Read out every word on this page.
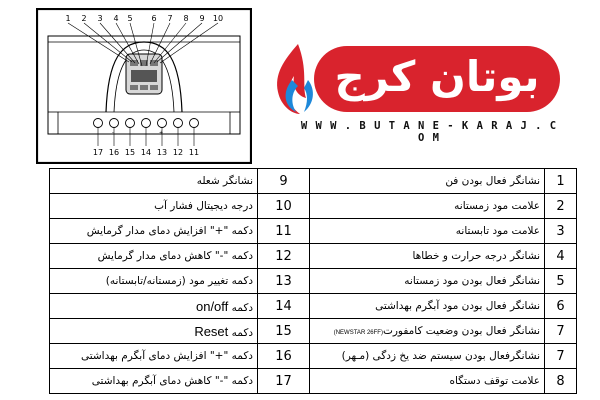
-	+
10
9
8
7
6
5
4
3
2
1
11
12
13
14
15
16
17
بوتان کرج
W W W . B U T A N E - K A R A J . C O M
نشانگر شعله	9	نشانگر فعال بودن فن	1
درجه دیجیتال فشار آب	10	علامت مود زمستانه	2
دکمه "+" افزایش دمای مدار گرمایش	11	علامت مود تابستانه	3
دکمه "-" کاهش دمای مدار گرمایش	12	نشانگر درجه حرارت و خطاها	4
دکمه تغییر مود (زمستانه/تابستانه)	13	نشانگر فعال بودن مود زمستانه	5
دکمه on/off	14	نشانگر فعال بودن مود آبگرم بهداشتی	6
دکمه Reset	15	نشانگر فعال بودن وضعیت کامفورت(NEWSTAR 26FF)	7
دکمه "+" افزایش دمای آبگرم بهداشتی	16	نشانگرفعال بودن سیستم ضد یخ زدگی (مـهر)	7
دکمه "-" کاهش دمای آبگرم بهداشتی	17	علامت توقف دستگاه	8
